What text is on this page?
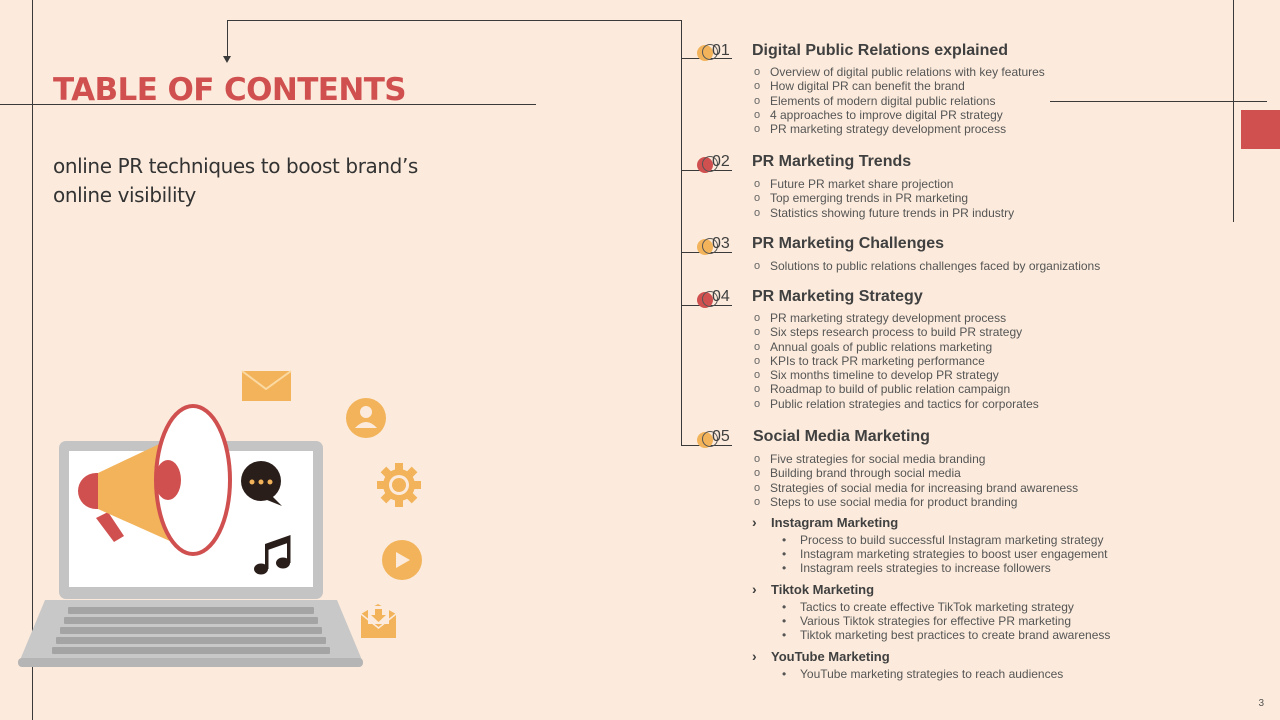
TABLE OF CONTENTS

online PR techniques to boost brand’s online visibility

01 Digital Public Relations explained
o Overview of digital public relations with key features
o How digital PR can benefit the brand
o Elements of modern digital public relations
o 4 approaches to improve digital PR strategy
o PR marketing strategy development process
02 PR Marketing Trends
o Future PR market share projection
o Top emerging trends in PR marketing
o Statistics showing future trends in PR industry
03 PR Marketing Challenges
o Solutions to public relations challenges faced by organizations
04 PR Marketing Strategy
o PR marketing strategy development process
o Six steps research process to build PR strategy
o Annual goals of public relations marketing
o KPIs to track PR marketing performance
o Six months timeline to develop PR strategy
o Roadmap to build of public relation campaign
o Public relation strategies and tactics for corporates
05 Social Media Marketing
o Five strategies for social media branding
o Building brand through social media
o Strategies of social media for increasing brand awareness
o Steps to use social media for product branding
› Instagram Marketing
• Process to build successful Instagram marketing strategy
• Instagram marketing strategies to boost user engagement
• Instagram reels strategies to increase followers
› Tiktok Marketing
• Tactics to create effective TikTok marketing strategy
• Various Tiktok strategies for effective PR marketing
• Tiktok marketing best practices to create brand awareness
› YouTube Marketing
• YouTube marketing strategies to reach audiences
3
